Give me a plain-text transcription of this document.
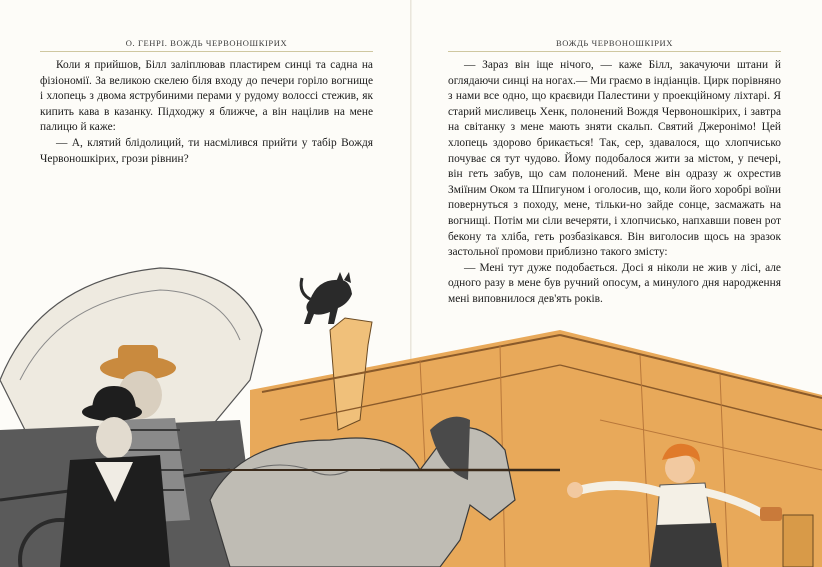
О. ГЕНРІ. ВОЖДЬ ЧЕРВОНОШКІРИХ

Коли я прийшов, Білл заліплював пластирем синці та садна на фізіономії. За великою скелею біля входу до печери горіло вогнище і хлопець з двома яструбиними перами у рудому волоссі стежив, як кипить кава в казанку. Підходжу я ближче, а він націлив на мене палицю й каже:

— А, клятий блідолиций, ти насмілився прийти у табір Вождя Червоношкірих, грози рівнин?

ВОЖДЬ ЧЕРВОНОШКІРИХ

— Зараз він іще нічого, — каже Білл, закачуючи штани й оглядаючи синці на ногах.— Ми граємо в індіанців. Цирк порівняно з нами все одно, що краєвиди Палестини у проекційному ліхтарі. Я старий мисливець Хенк, полонений Вождя Червоношкірих, і завтра на світанку з мене мають зняти скальп. Святий Джеронімо! Цей хлопець здорово брикається! Так, сер, здавалося, що хлопчисько почуває ся тут чудово. Йому подобалося жити за містом, у печері, він геть забув, що сам полонений. Мене він одразу ж охрестив Зміїним Оком та Шпигуном і оголосив, що, коли його хоробрі воїни повернуться з походу, мене, тільки-но зайде сонце, засмажать на вогнищі. Потім ми сіли вечеряти, і хлопчисько, напхавши повен рот бекону та хліба, геть розбазікався. Він виголосив щось на зразок застольної промови приблизно такого змісту:

— Мені тут дуже подобається. Досі я ніколи не жив у лісі, але одного разу в мене був ручний опосум, а минулого дня народження мені виповнилося дев'ять років.
